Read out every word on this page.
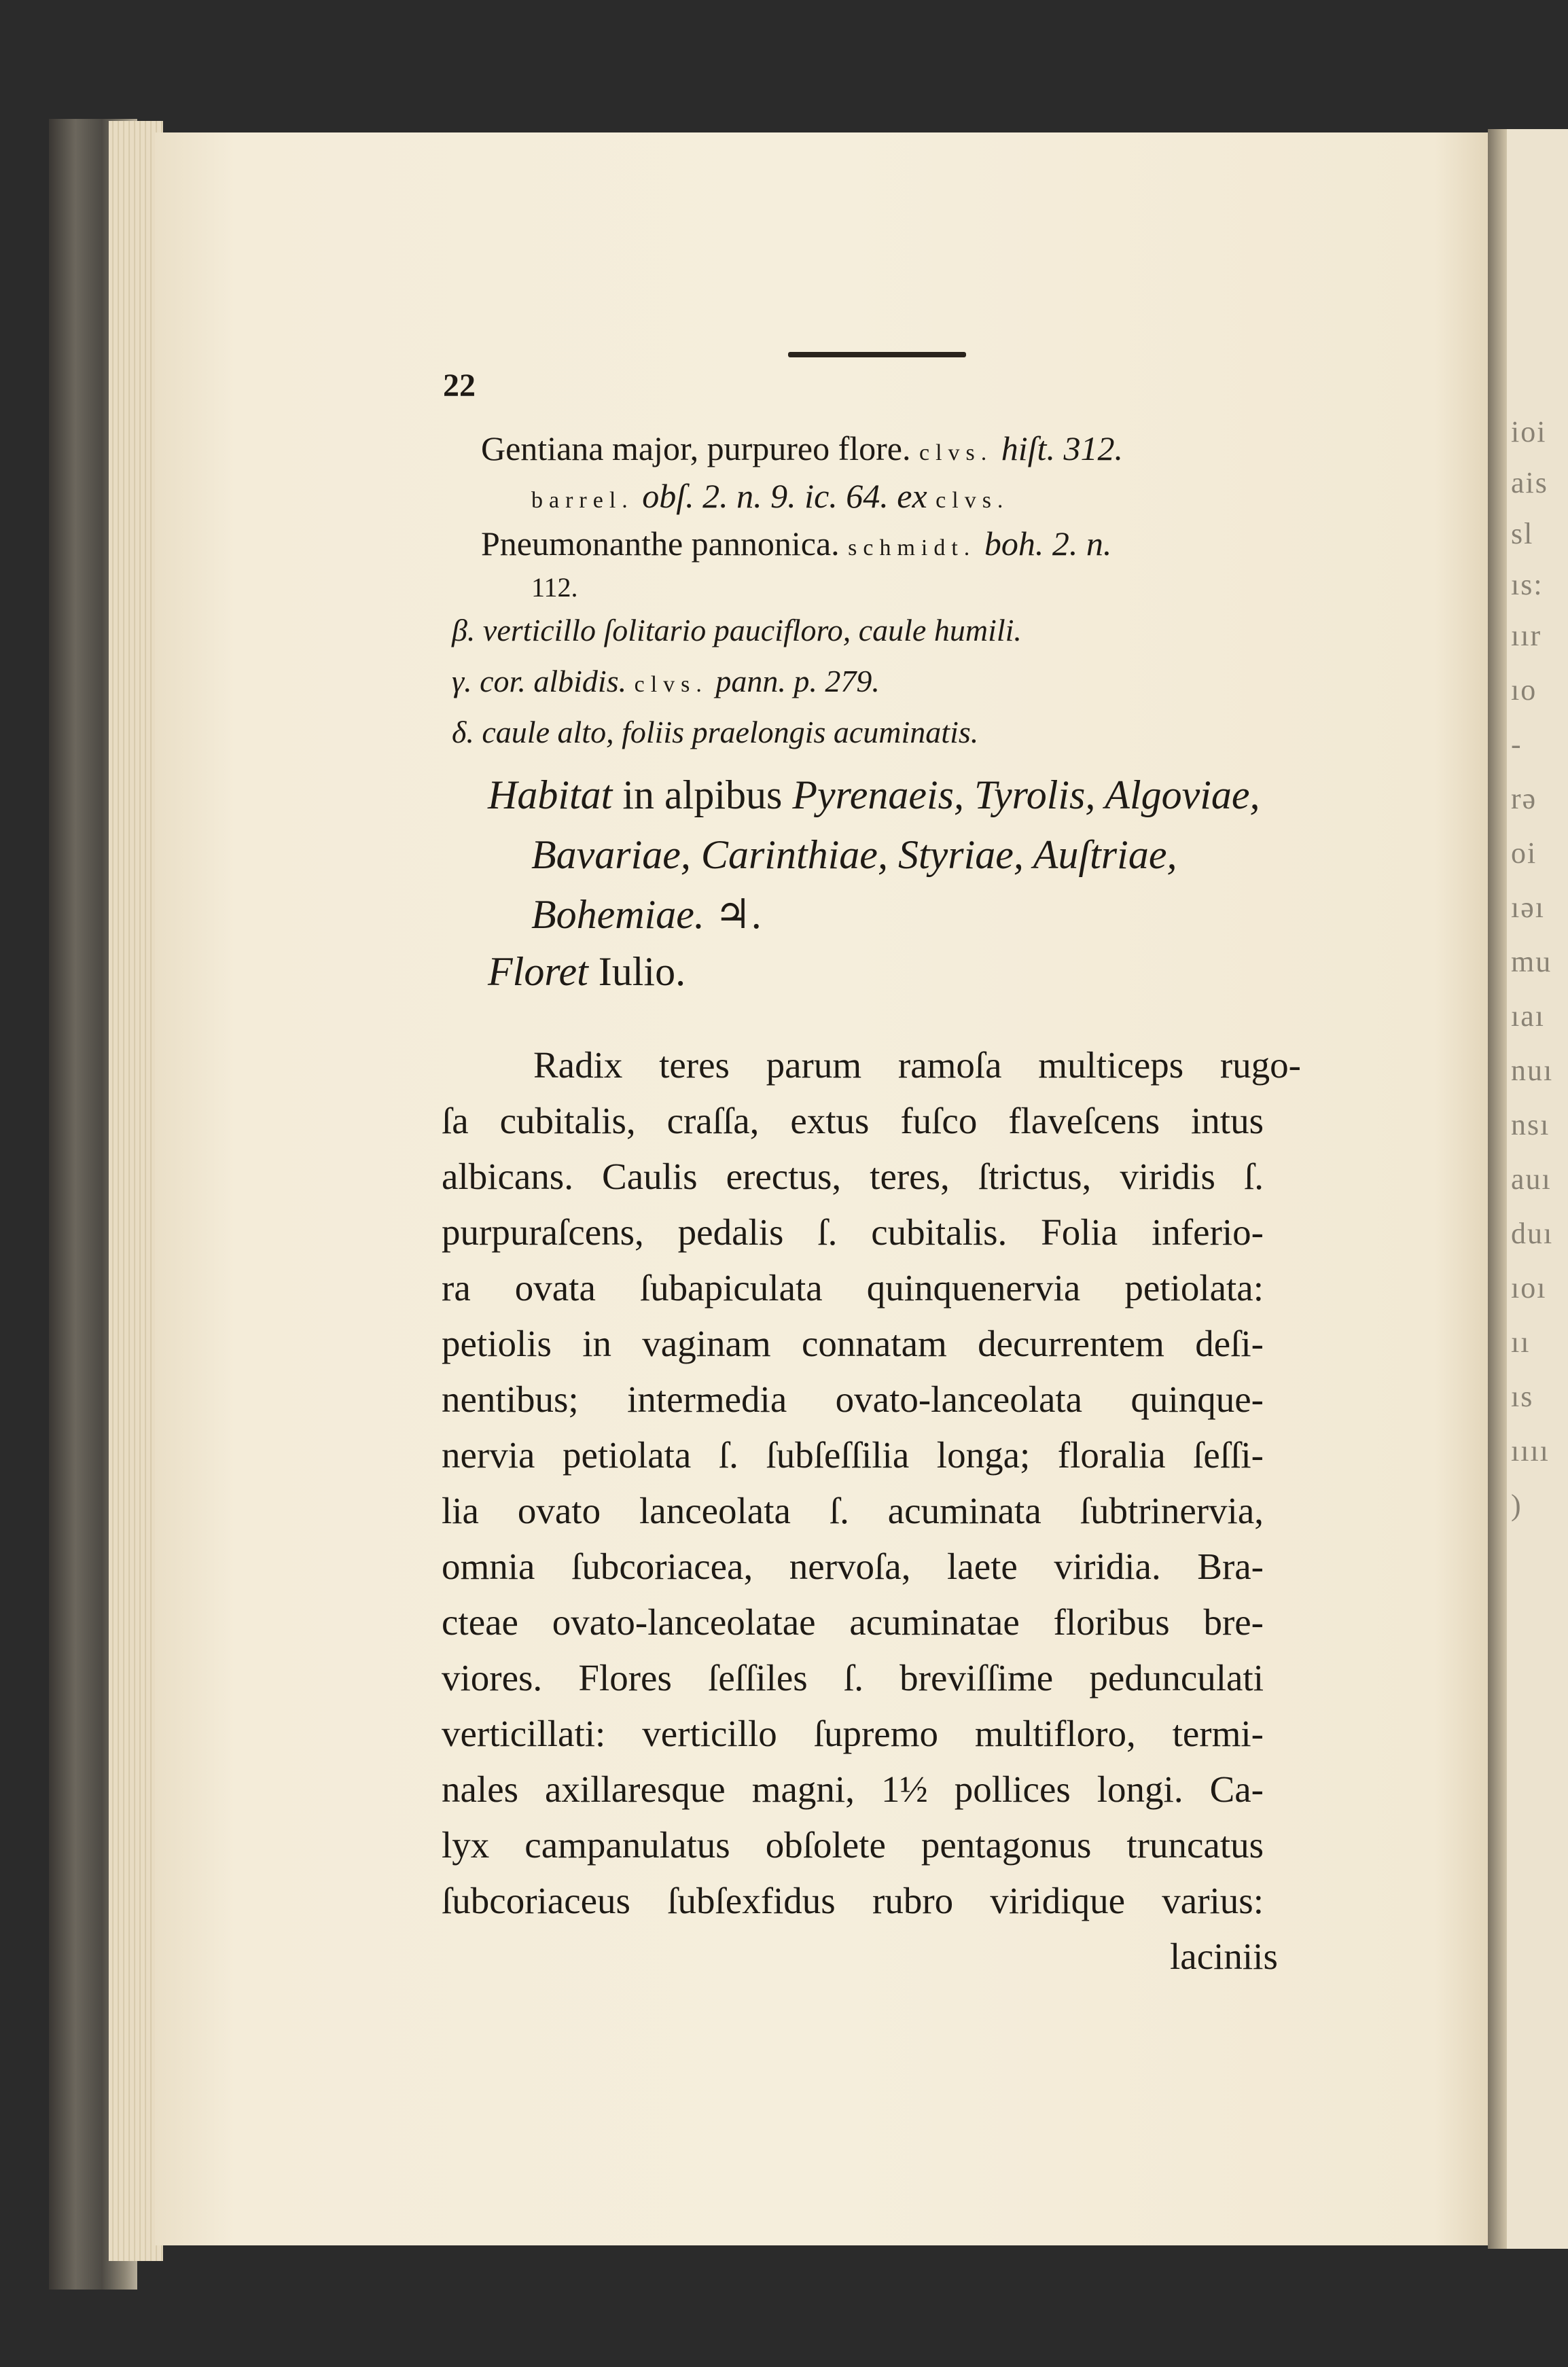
ioi
ais
sl
ıs:
ıır
ıo
-
rə
oi
ıəı
mu
ıaı
nuı
nsı
auı
duı
ıoı
ıı
ıs
ıııı
)
22
Gentiana major, purpureo flore. clvs. hiſt. 312.
barrel. obſ. 2. n. 9. ic. 64. ex clvs.
Pneumonanthe pannonica. schmidt. boh. 2. n.
112.
β. verticillo ſolitario paucifloro, caule humili.
γ. cor. albidis. clvs. pann. p. 279.
δ. caule alto, foliis praelongis acuminatis.
Habitat in alpibus Pyrenaeis, Tyrolis, Algoviae,
Bavariae, Carinthiae, Styriae, Auſtriae,
Bohemiae. ♃.
Floret Iulio.
Radix teres parum ramoſa multiceps rugo-
ſa cubitalis, craſſa, extus fuſco flaveſcens intus
albicans. Caulis erectus, teres, ſtrictus, viridis ſ.
purpuraſcens, pedalis ſ. cubitalis. Folia inferio-
ra ovata ſubapiculata quinquenervia petiolata:
petiolis in vaginam connatam decurrentem deſi-
nentibus; intermedia ovato-lanceolata quinque-
nervia petiolata ſ. ſubſeſſilia longa; floralia ſeſſi-
lia ovato lanceolata ſ. acuminata ſubtrinervia,
omnia ſubcoriacea, nervoſa, laete viridia. Bra-
cteae ovato-lanceolatae acuminatae floribus bre-
viores. Flores ſeſſiles ſ. breviſſime pedunculati
verticillati: verticillo ſupremo multifloro, termi-
nales axillaresque magni, 1½ pollices longi. Ca-
lyx campanulatus obſolete pentagonus truncatus
ſubcoriaceus ſubſexfidus rubro viridique varius:
laciniis
